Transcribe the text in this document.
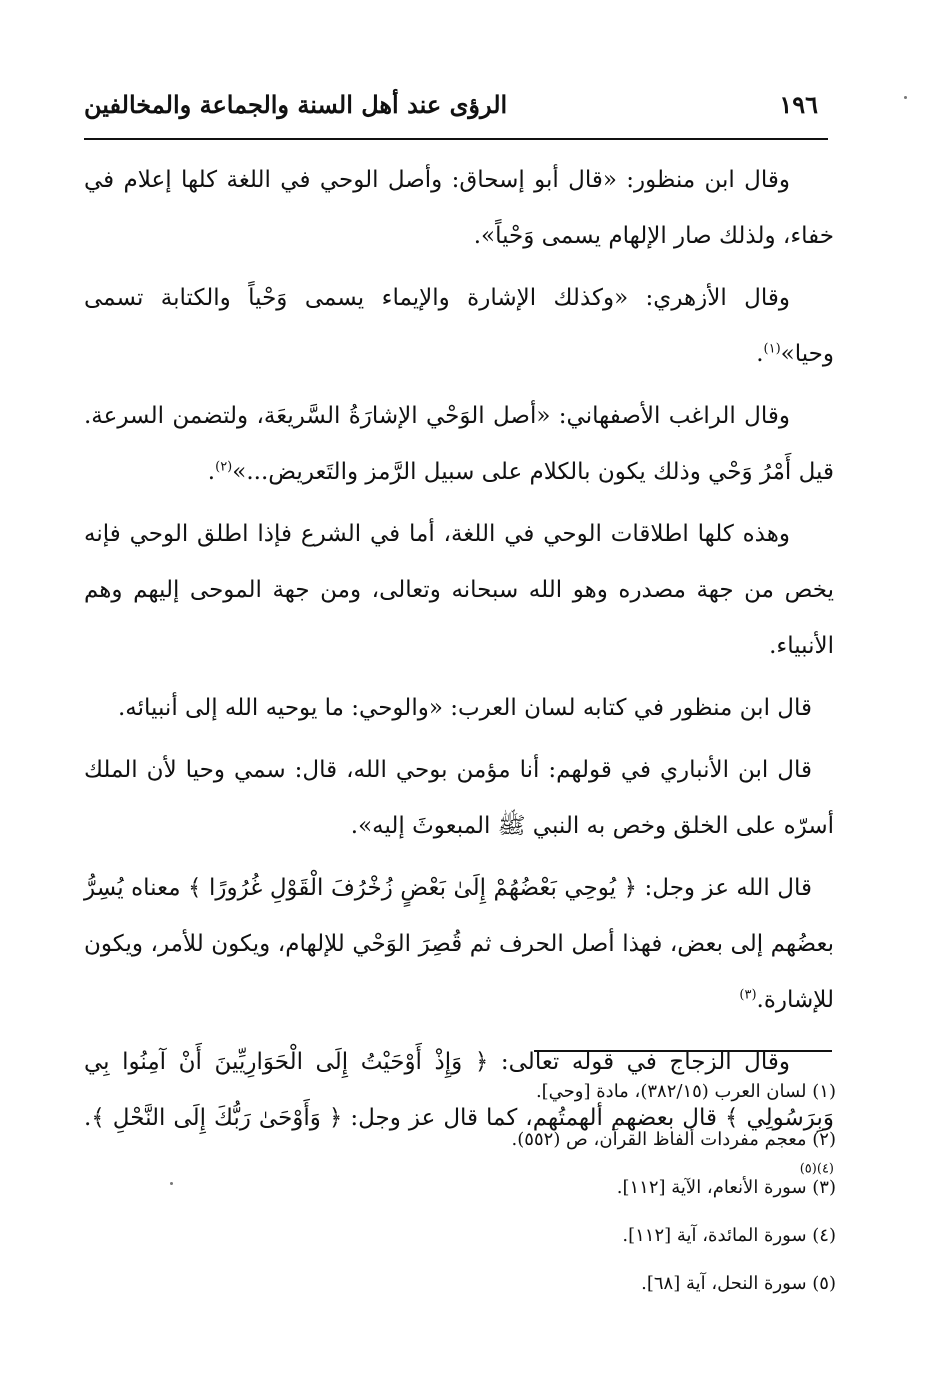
١٩٦
الرؤى عند أهل السنة والجماعة والمخالفين

وقال ابن منظور: «قال أبو إسحاق: وأصل الوحي في اللغة كلها إعلام في خفاء، ولذلك صار الإلهام يسمى وَحْياً».

وقال الأزهري: «وكذلك الإشارة والإيماء يسمى وَحْياً والكتابة تسمى وحيا»$^{(١)}$.

وقال الراغب الأصفهاني: «أصل الوَحْي الإشارَةُ السَّريعَة، ولتضمن السرعة. قيل أَمْرُ وَحْي وذلك يكون بالكلام على سبيل الرَّمز والتَعريض...»$^{(٢)}$.

وهذه كلها اطلاقات الوحي في اللغة، أما في الشرع فإذا اطلق الوحي فإنه يخص من جهة مصدره وهو الله سبحانه وتعالى، ومن جهة الموحى إليهم وهم الأنبياء.

قال ابن منظور في كتابه لسان العرب: «والوحي: ما يوحيه الله إلى أنبيائه.

قال ابن الأنباري في قولهم: أنا مؤمن بوحي الله، قال: سمي وحيا لأن الملك أسرّه على الخلق وخص به النبي ﷺ المبعوثَ إليه».

قال الله عز وجل: ﴿ يُوحِي بَعْضُهُمْ إِلَىٰ بَعْضٍ زُخْرُفَ الْقَوْلِ غُرُورًا ﴾ معناه يُسِرُّ بعضُهم إلى بعض، فهذا أصل الحرف ثم قُصِرَ الوَحْي للإلهام، ويكون للأمر، ويكون للإشارة.$^{(٣)}$

وقال الزجاج في قوله تعالى: ﴿ وَإِذْ أَوْحَيْتُ إِلَى الْحَوَارِيِّينَ أَنْ آمِنُوا بِي وَبِرَسُولِي ﴾ قال بعضهم ألهمتُهم، كما قال عز وجل: ﴿ وَأَوْحَىٰ رَبُّكَ إِلَى النَّحْلِ ﴾.$^{(٤)(٥)}$

(١) لسان العرب (٣٨٢/١٥)، مادة [وحي].

(٢) معجم مفردات ألفاظ القرآن، ص (٥٥٢).

(٣) سورة الأنعام، الآية [١١٢].

(٤) سورة المائدة، آية [١١٢].

(٥) سورة النحل، آية [٦٨].
